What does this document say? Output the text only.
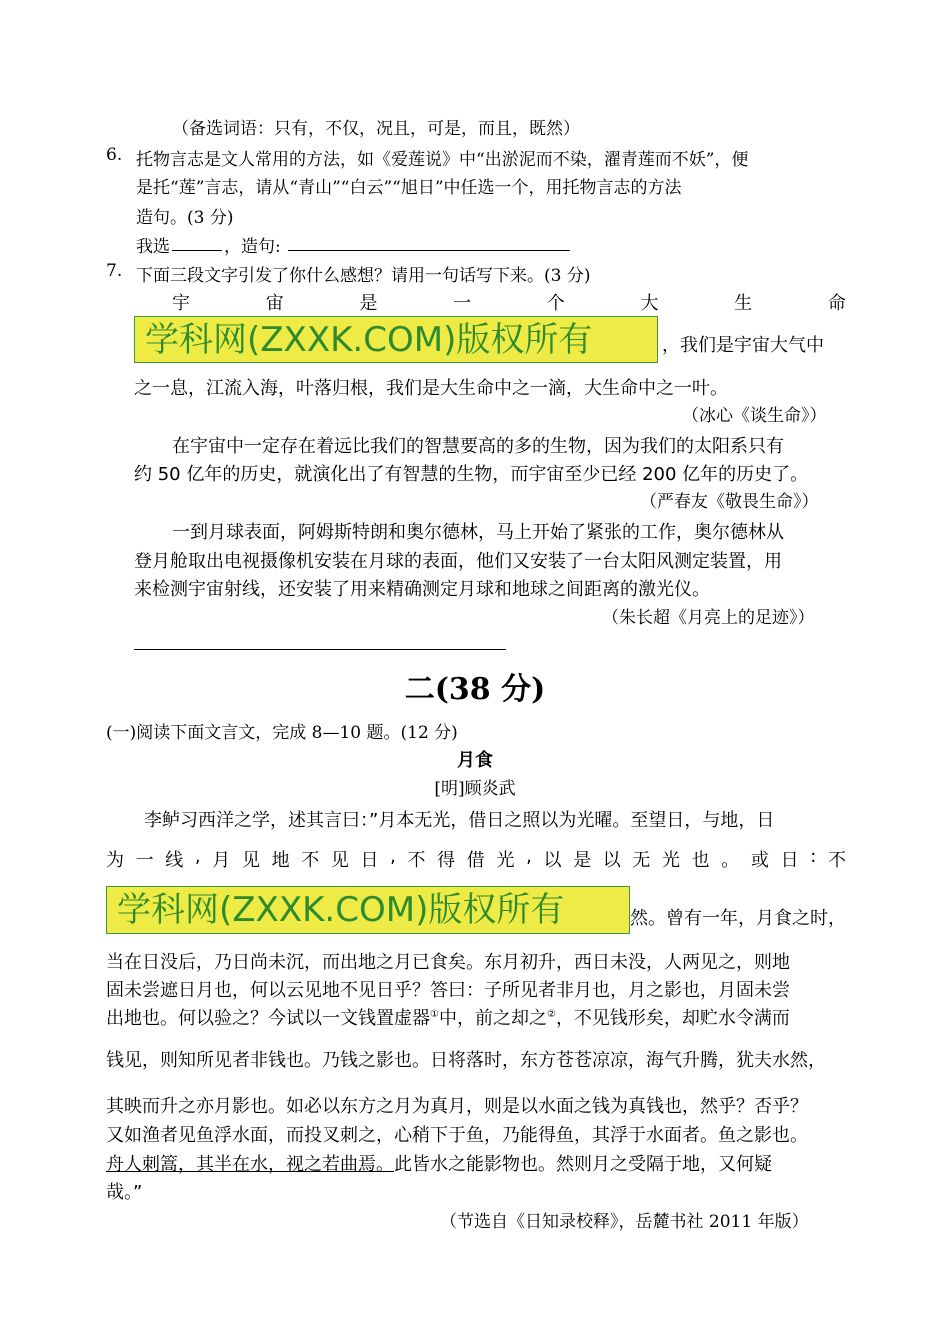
（备选词语：只有，不仅，况且，可是，而且，既然）
6. 托物言志是文人常用的方法，如《爱莲说》中“出淤泥而不染，濯青莲而不妖”，便
是托“莲”言志，请从“青山”“白云”“旭日”中任选一个，用托物言志的方法
造句。(3 分)
我选	，造句:
7. 下面三段文字引发了你什么感想？请用一句话写下来。(3 分)
宇	宙	是	一	个	大	生	命
学科网(ZXXK.COM)版权所有	，我们是宇宙大气中
之一息，江流入海，叶落归根，我们是大生命中之一滴，大生命中之一叶。
（冰心《谈生命》）
在宇宙中一定存在着远比我们的智慧要高的多的生物，因为我们的太阳系只有
约 50 亿年的历史，就演化出了有智慧的生物，而宇宙至少已经 200 亿年的历史了。
（严春友《敬畏生命》）
一到月球表面，阿姆斯特朗和奥尔德林，马上开始了紧张的工作，奥尔德林从
登月舱取出电视摄像机安装在月球的表面，他们又安装了一台太阳风测定装置，用
来检测宇宙射线，还安装了用来精确测定月球和地球之间距离的激光仪。
（朱长超《月亮上的足迹》）
二(38 分)
(一)阅读下面文言文，完成 8—10 题。(12 分)
月食
[明]顾炎武
李鲈习西洋之学，述其言曰：”月本无光，借日之照以为光曜。至望日，与地，日
为 一 线 , 月 见 地 不 见 日 , 不 得 借 光 , 以 是 以 无 光 也 。 或 日 : 不
学科网(ZXXK.COM)版权所有	然。曾有一年，月食之时，
当在日没后，乃日尚未沉，而出地之月已食矣。东月初升，西日未没，人两见之，则地
固未尝遮日月也，何以云见地不见日乎？答曰：子所见者非月也，月之影也，月固未尝
出地也。何以验之？今试以一文钱置虚器①中，前之却之②，不见钱形矣，却贮水令满而
钱见，则知所见者非钱也。乃钱之影也。日将落时，东方苍苍凉凉，海气升腾，犹夫水然，
其映而升之亦月影也。如必以东方之月为真月，则是以水面之钱为真钱也，然乎？否乎？
又如渔者见鱼浮水面，而投叉刺之，心稍下于鱼，乃能得鱼，其浮于水面者。鱼之影也。
舟人刺篙，其半在水，视之若曲焉。此皆水之能影物也。然则月之受隔于地，又何疑
哉。”
（节选自《日知录校释》，岳麓书社 2011 年版）
